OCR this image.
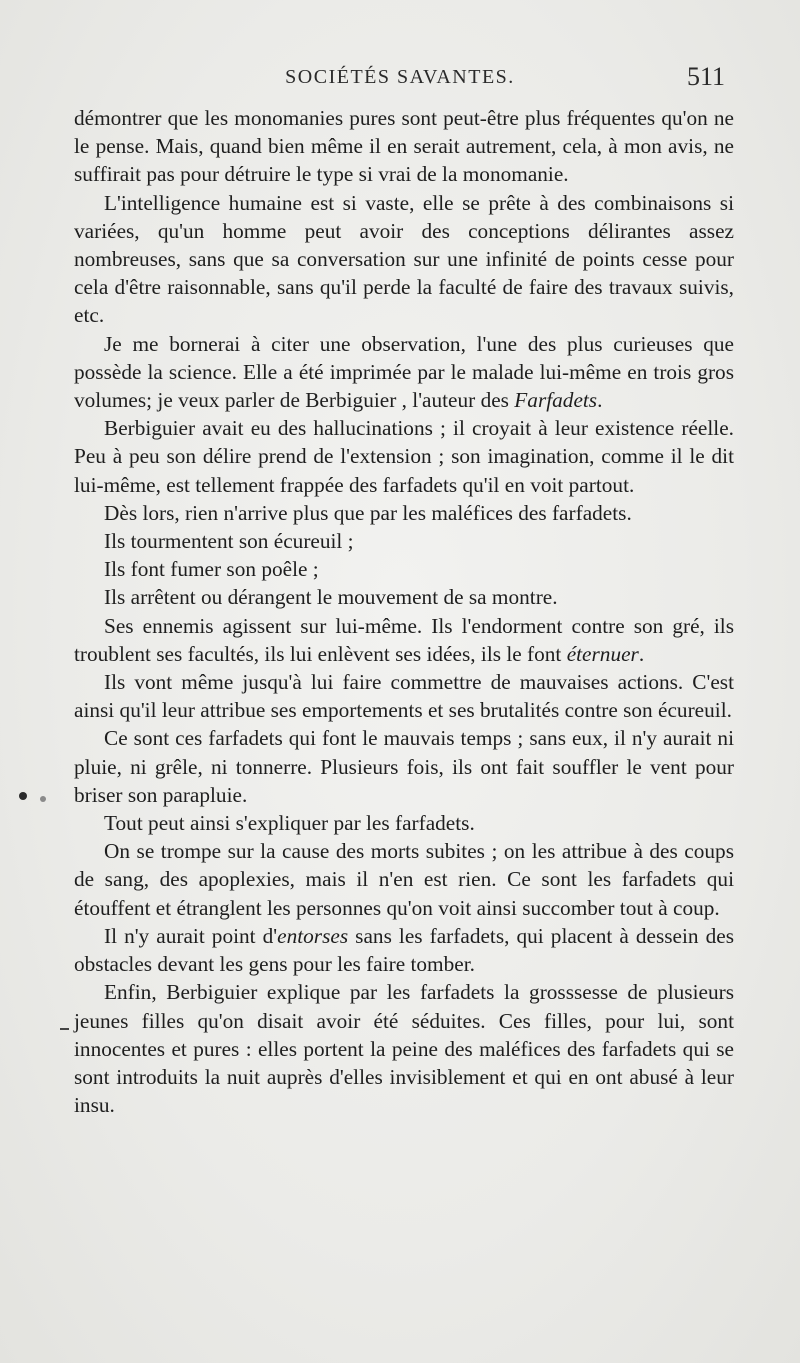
SOCIÉTÉS SAVANTES.	511

démontrer que les monomanies pures sont peut-être plus fréquentes qu'on ne le pense. Mais, quand bien même il en serait autrement, cela, à mon avis, ne suffirait pas pour détruire le type si vrai de la monomanie.

L'intelligence humaine est si vaste, elle se prête à des combinaisons si variées, qu'un homme peut avoir des conceptions délirantes assez nombreuses, sans que sa conversation sur une infinité de points cesse pour cela d'être raisonnable, sans qu'il perde la faculté de faire des travaux suivis, etc.

Je me bornerai à citer une observation, l'une des plus curieuses que possède la science. Elle a été imprimée par le malade lui-même en trois gros volumes; je veux parler de Berbiguier , l'auteur des Farfadets.

Berbiguier avait eu des hallucinations ; il croyait à leur existence réelle. Peu à peu son délire prend de l'extension ; son imagination, comme il le dit lui-même, est tellement frappée des farfadets qu'il en voit partout.

Dès lors, rien n'arrive plus que par les maléfices des farfadets.

Ils tourmentent son écureuil ;

Ils font fumer son poêle ;

Ils arrêtent ou dérangent le mouvement de sa montre.

Ses ennemis agissent sur lui-même. Ils l'endorment contre son gré, ils troublent ses facultés, ils lui enlèvent ses idées, ils le font éternuer.

Ils vont même jusqu'à lui faire commettre de mauvaises actions. C'est ainsi qu'il leur attribue ses emportements et ses brutalités contre son écureuil.

Ce sont ces farfadets qui font le mauvais temps ; sans eux, il n'y aurait ni pluie, ni grêle, ni tonnerre. Plusieurs fois, ils ont fait souffler le vent pour briser son parapluie.

Tout peut ainsi s'expliquer par les farfadets.

On se trompe sur la cause des morts subites ; on les attribue à des coups de sang, des apoplexies, mais il n'en est rien. Ce sont les farfadets qui étouffent et étranglent les personnes qu'on voit ainsi succomber tout à coup.

Il n'y aurait point d'entorses sans les farfadets, qui placent à dessein des obstacles devant les gens pour les faire tomber.

Enfin, Berbiguier explique par les farfadets la grosssesse de plusieurs jeunes filles qu'on disait avoir été séduites. Ces filles, pour lui, sont innocentes et pures : elles portent la peine des maléfices des farfadets qui se sont introduits la nuit auprès d'elles invisiblement et qui en ont abusé à leur insu.
